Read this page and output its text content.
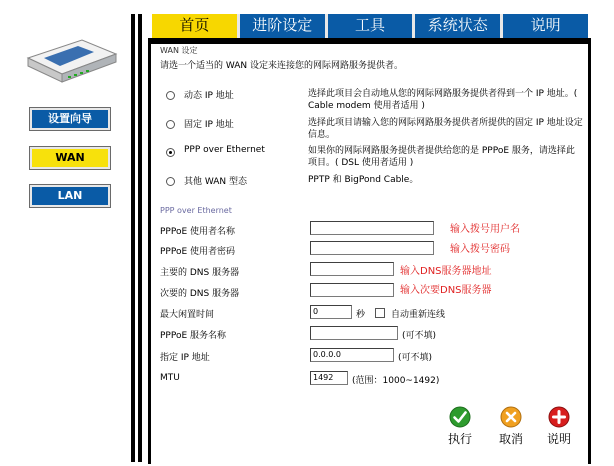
设置向导
WAN
LAN
首页	进阶设定	工具	系统状态	说明
WAN 设定
请选一个适当的 WAN 设定来连接您的网际网路服务提供者。
动态 IP 地址	选择此项目会自动地从您的网际网路服务提供者得到一个 IP 地址。( Cable modem 使用者适用 )
固定 IP 地址	选择此项目请输入您的网际网路服务提供者所提供的固定 IP 地址设定信息。
PPP over Ethernet	如果你的网际网路服务提供者提供给您的是 PPPoE 服务，请选择此项目。( DSL 使用者适用 )
其他 WAN 型态	PPTP 和 BigPond Cable。
PPP over Ethernet
PPPoE 使用者名称	输入拨号用户名
PPPoE 使用者密码	输入拨号密码
主要的 DNS 服务器	输入DNS服务器地址
次要的 DNS 服务器	输入次要DNS服务器
最大闲置时间	0	秒	自动重新连线
PPPoE 服务名称	(可不填)
指定 IP 地址	0.0.0.0	(可不填)
MTU	1492	(范围：1000~1492)
执行	取消	说明
